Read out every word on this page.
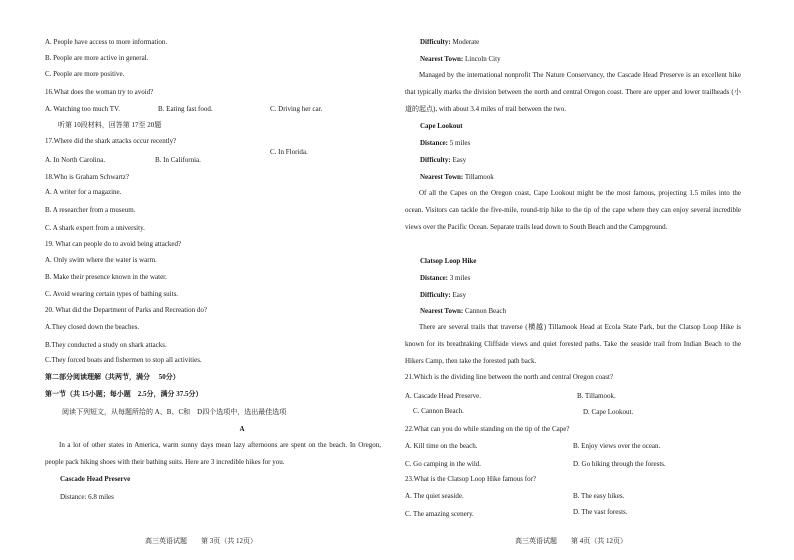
A. People have access to more information.
B. People are more active in general.
C. People are more positive.
16.What does the woman try to avoid?
A. Watching too much TV.	B. Eating fast food.	C. Driving her car.
听第 10段材料，回答第 17至 20题
17.Where did the shark attacks occur recently?
A. In North Carolina.	B. In California.
C. In Florida.
18.Who is Graham Schwartz?
A. A writer for a magazine.
B. A researcher from a museum.
C. A shark expert from a university.
19. What can people do to avoid being attacked?
A. Only swim where the water is warm.
B. Make their presence known in the water.
C. Avoid wearing certain types of bathing suits.
20. What did the Department of Parks and Recreation do?
A.They closed down the beaches.
B.They conducted a study on shark attacks.
C.They forced boats and fishermen to stop all activities.
第二部分阅读理解（共两节，满分　 50分）
第一节（共 15小题；每小题　2.5分，满分 37.5分）
阅读下列短文，从每题所给的 A、B、C和　D四个选项中，选出最佳选项
A
In a lot of other states in America, warm sunny days mean lazy afternoons are spent on the beach. In Oregon, people pack hiking shoes with their bathing suits. Here are 3 incredible hikes for you.
Cascade Head Preserve
Distance: 6.8 miles
高三英语试题　　第 3页（共 12页）
Difficulty: Moderate
Nearest Town: Lincoln City
Managed by the international nonprofit The Nature Conservancy, the Cascade Head Preserve is an excellent hike that typically marks the division between the north and central Oregon coast. There are upper and lower trailheads (小道的起点), with about 3.4 miles of trail between the two.
Cape Lookout
Distance: 5 miles
Difficulty: Easy
Nearest Town: Tillamook
Of all the Capes on the Oregon coast, Cape Lookout might be the most famous, projecting 1.5 miles into the ocean. Visitors can tackle the five-mile, round-trip hike to the tip of the cape where they can enjoy several incredible views over the Pacific Ocean. Separate trails lead down to South Beach and the Campground.
Clatsop Loop Hike
Distance: 3 miles
Difficulty: Easy
Nearest Town: Cannon Beach
There are several trails that traverse (横越) Tillamook Head at Ecola State Park, but the Clatsop Loop Hike is known for its breathtaking Cliffside views and quiet forested paths. Take the seaside trail from Indian Beach to the Hikers Camp, then take the forested path back.
21.Which is the dividing line between the north and central Oregon coast?
A. Cascade Head Preserve.	B. Tillamook.
C. Cannon Beach.	D. Cape Lookout.
22.What can you do while standing on the tip of the Cape?
A. Kill time on the beach.	B. Enjoy views over the ocean.
C. Go camping in the wild.	D. Go hiking through the forests.
23.What is the Clatsop Loop Hike famous for?
A. The quiet seaside.	B. The easy hikes.
C. The amazing scenery.	D. The vast forests.
高三英语试题　　第 4页（共 12页）
